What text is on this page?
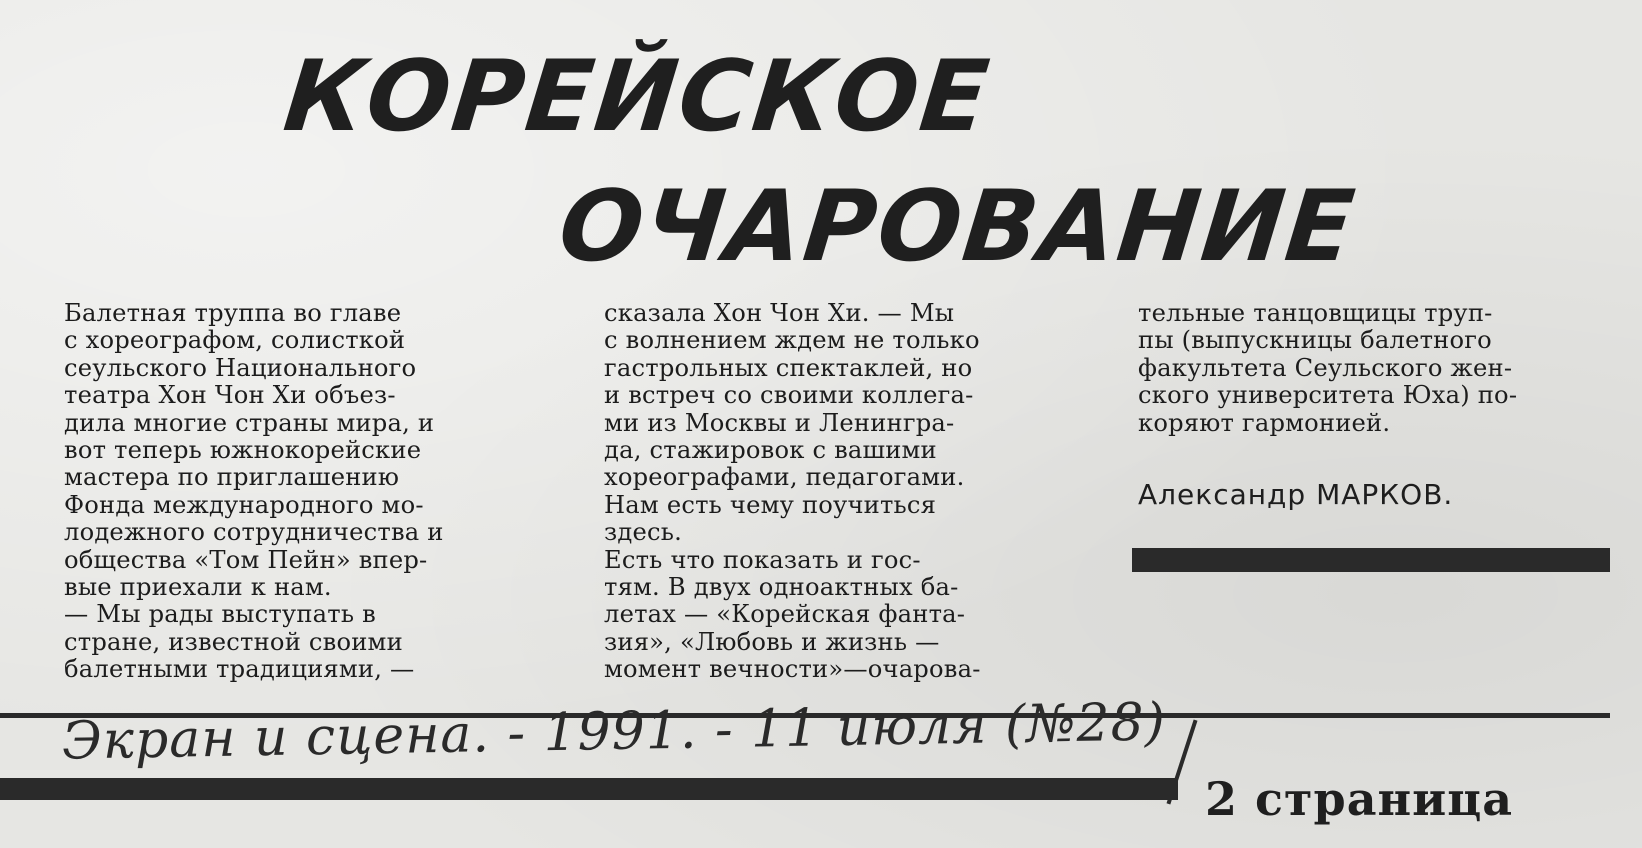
КОРЕЙСКОЕ
ОЧАРОВАНИЕ
Балетная труппа во главе
с хореографом, солисткой
сеульского Национального
театра Хон Чон Хи объез-
дила многие страны мира, и
вот теперь южнокорейские
мастера по приглашению
Фонда международного мо-
лодежного сотрудничества и
общества «Том Пейн» впер-
вые приехали к нам.
— Мы рады выступать в
стране, известной своими
балетными традициями, —
сказала Хон Чон Хи. — Мы
с волнением ждем не только
гастрольных спектаклей, но
и встреч со своими коллега-
ми из Москвы и Ленингра-
да, стажировок с вашими
хореографами, педагогами.
Нам есть чему поучиться
здесь.
Есть что показать и гос-
тям. В двух одноактных ба-
летах — «Корейская фанта-
зия», «Любовь и жизнь —
момент вечности»—очарова-
тельные танцовщицы труп-
пы (выпускницы балетного
факультета Сеульского жен-
ского университета Юха) по-
коряют гармонией.
Александр МАРКОВ.
Экран и сцена. - 1991. - 11 июля (№28)
2 страница
